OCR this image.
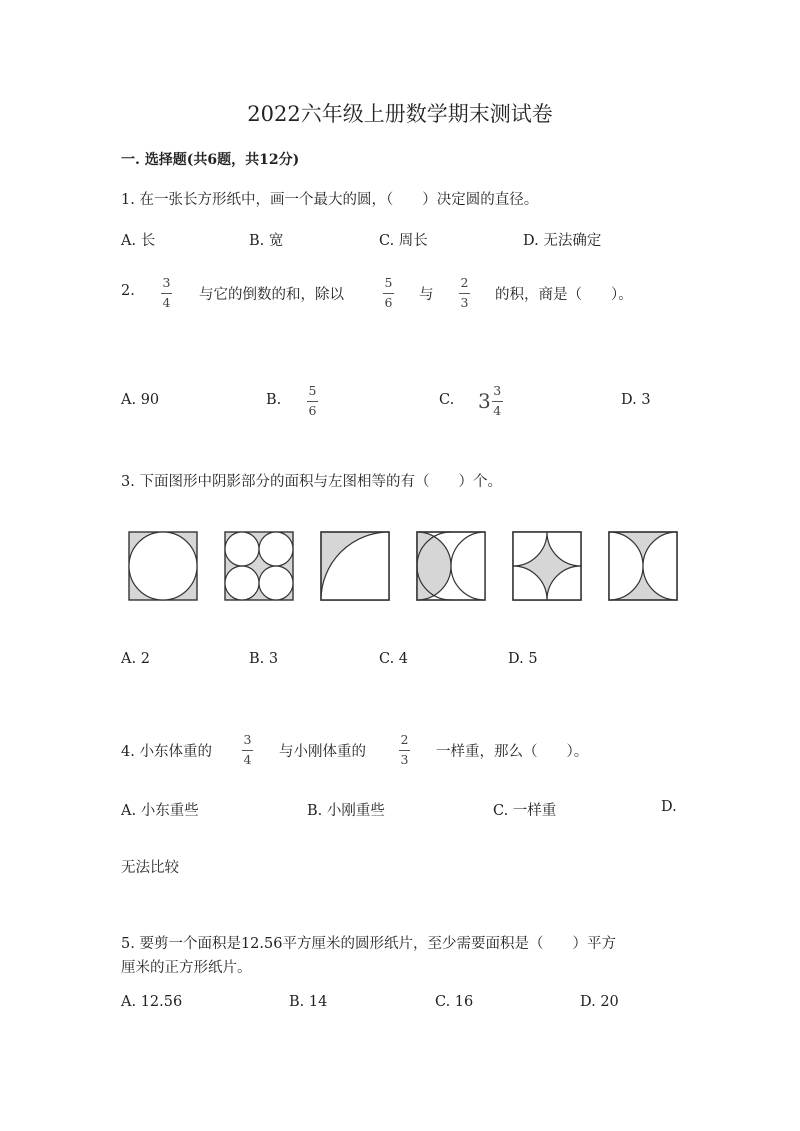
2022六年级上册数学期末测试卷
一. 选择题(共6题，共12分)
1. 在一张长方形纸中，画一个最大的圆，（　　）决定圆的直径。
A. 长	B. 宽	C. 周长	D. 无法确定
2.
3
4 与它的倒数的和，除以
5
6 与
2
3 的积，商是（　　）。
A. 90	B.
5
6
C. $3 \frac{3}{4}$	D. 3
3. 下面图形中阴影部分的面积与左图相等的有（　　）个。
A. 2	B. 3	C. 4	D. 5
4. 小东体重的
3
4 与小刚体重的
2
3 一样重，那么（　　）。
A. 小东重些	B. 小刚重些	C. 一样重	D.
无法比较
5. 要剪一个面积是12.56平方厘米的圆形纸片，至少需要面积是（　　）平方
厘米的正方形纸片。
A. 12.56	B. 14	C. 16	D. 20
